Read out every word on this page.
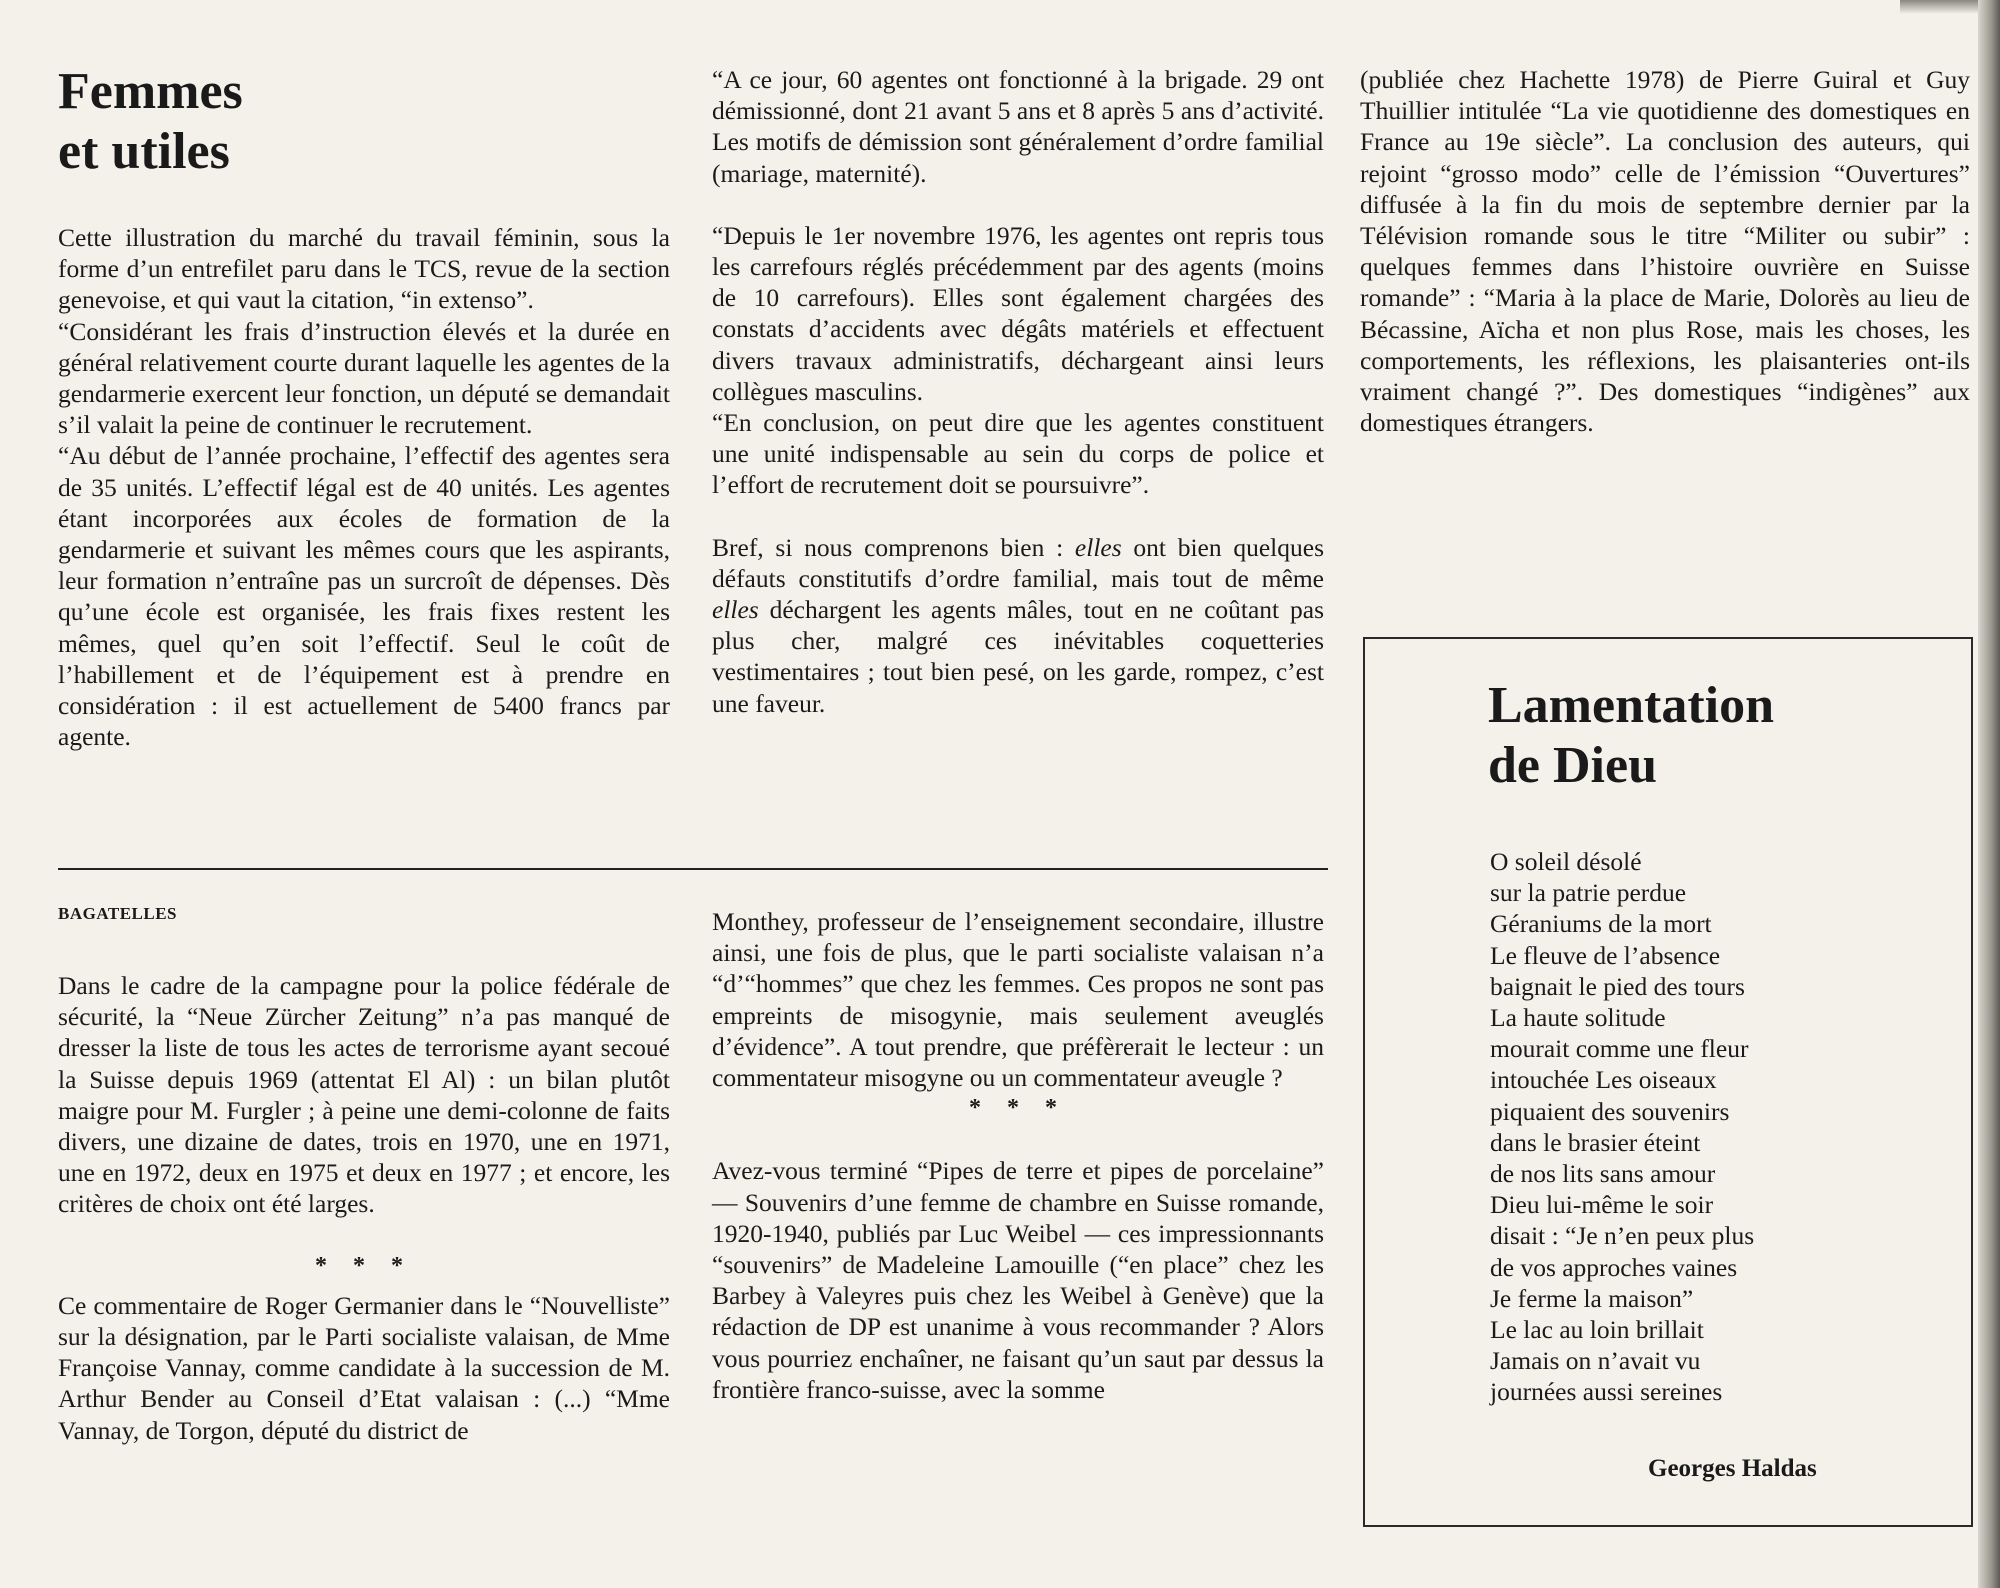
Femmes
et utiles

Cette illustration du marché du travail féminin, sous la forme d’un entrefilet paru dans le TCS, revue de la section genevoise, et qui vaut la citation, “in extenso”.

“Considérant les frais d’instruction élevés et la durée en général relativement courte durant laquelle les agentes de la gendarmerie exercent leur fonction, un député se demandait s’il valait la peine de continuer le recrutement.

“Au début de l’année prochaine, l’effectif des agentes sera de 35 unités. L’effectif légal est de 40 unités. Les agentes étant incorporées aux écoles de formation de la gendarmerie et suivant les mêmes cours que les aspirants, leur formation n’entraîne pas un surcroît de dépenses. Dès qu’une école est organisée, les frais fixes restent les mêmes, quel qu’en soit l’effectif. Seul le coût de l’habillement et de l’équipement est à prendre en considération : il est actuellement de 5400 francs par agente.

“A ce jour, 60 agentes ont fonctionné à la brigade. 29 ont démissionné, dont 21 avant 5 ans et 8 après 5 ans d’activité. Les motifs de démission sont généralement d’ordre familial (mariage, maternité).

“Depuis le 1er novembre 1976, les agentes ont repris tous les carrefours réglés précédemment par des agents (moins de 10 carrefours). Elles sont également chargées des constats d’accidents avec dégâts matériels et effectuent divers travaux administratifs, déchargeant ainsi leurs collègues masculins.

“En conclusion, on peut dire que les agentes constituent une unité indispensable au sein du corps de police et l’effort de recrutement doit se poursuivre”.

Bref, si nous comprenons bien : elles ont bien quelques défauts constitutifs d’ordre familial, mais tout de même elles déchargent les agents mâles, tout en ne coûtant pas plus cher, malgré ces inévitables coquetteries vestimentaires ; tout bien pesé, on les garde, rompez, c’est une faveur.

(publiée chez Hachette 1978) de Pierre Guiral et Guy Thuillier intitulée “La vie quotidienne des domestiques en France au 19e siècle”. La conclusion des auteurs, qui rejoint “grosso modo” celle de l’émission “Ouvertures” diffusée à la fin du mois de septembre dernier par la Télévision romande sous le titre “Militer ou subir” : quelques femmes dans l’histoire ouvrière en Suisse romande” : “Maria à la place de Marie, Dolorès au lieu de Bécassine, Aïcha et non plus Rose, mais les choses, les comportements, les réflexions, les plaisanteries ont-ils vraiment changé ?”. Des domestiques “indigènes” aux domestiques étrangers.

BAGATELLES

Dans le cadre de la campagne pour la police fédérale de sécurité, la “Neue Zürcher Zeitung” n’a pas manqué de dresser la liste de tous les actes de terrorisme ayant secoué la Suisse depuis 1969 (attentat El Al) : un bilan plutôt maigre pour M. Furgler ; à peine une demi-colonne de faits divers, une dizaine de dates, trois en 1970, une en 1971, une en 1972, deux en 1975 et deux en 1977 ; et encore, les critères de choix ont été larges.

* * *

Ce commentaire de Roger Germanier dans le “Nouvelliste” sur la désignation, par le Parti socialiste valaisan, de Mme Françoise Vannay, comme candidate à la succession de M. Arthur Bender au Conseil d’Etat valaisan : (...) “Mme Vannay, de Torgon, député du district de

Monthey, professeur de l’enseignement secondaire, illustre ainsi, une fois de plus, que le parti socialiste valaisan n’a “d’“hommes” que chez les femmes. Ces propos ne sont pas empreints de misogynie, mais seulement aveuglés d’évidence”. A tout prendre, que préfèrerait le lecteur : un commentateur misogyne ou un commentateur aveugle ?

* * *

Avez-vous terminé “Pipes de terre et pipes de porcelaine” — Souvenirs d’une femme de chambre en Suisse romande, 1920-1940, publiés par Luc Weibel — ces impressionnants “souvenirs” de Madeleine Lamouille (“en place” chez les Barbey à Valeyres puis chez les Weibel à Genève) que la rédaction de DP est unanime à vous recommander ? Alors vous pourriez enchaîner, ne faisant qu’un saut par dessus la frontière franco-suisse, avec la somme

Lamentation
de Dieu
O soleil désolé
sur la patrie perdue
Géraniums de la mort
Le fleuve de l’absence
baignait le pied des tours
La haute solitude
mourait comme une fleur
intouchée Les oiseaux
piquaient des souvenirs
dans le brasier éteint
de nos lits sans amour
Dieu lui-même le soir
disait : “Je n’en peux plus
de vos approches vaines
Je ferme la maison”
Le lac au loin brillait
Jamais on n’avait vu
journées aussi sereines
Georges Haldas
